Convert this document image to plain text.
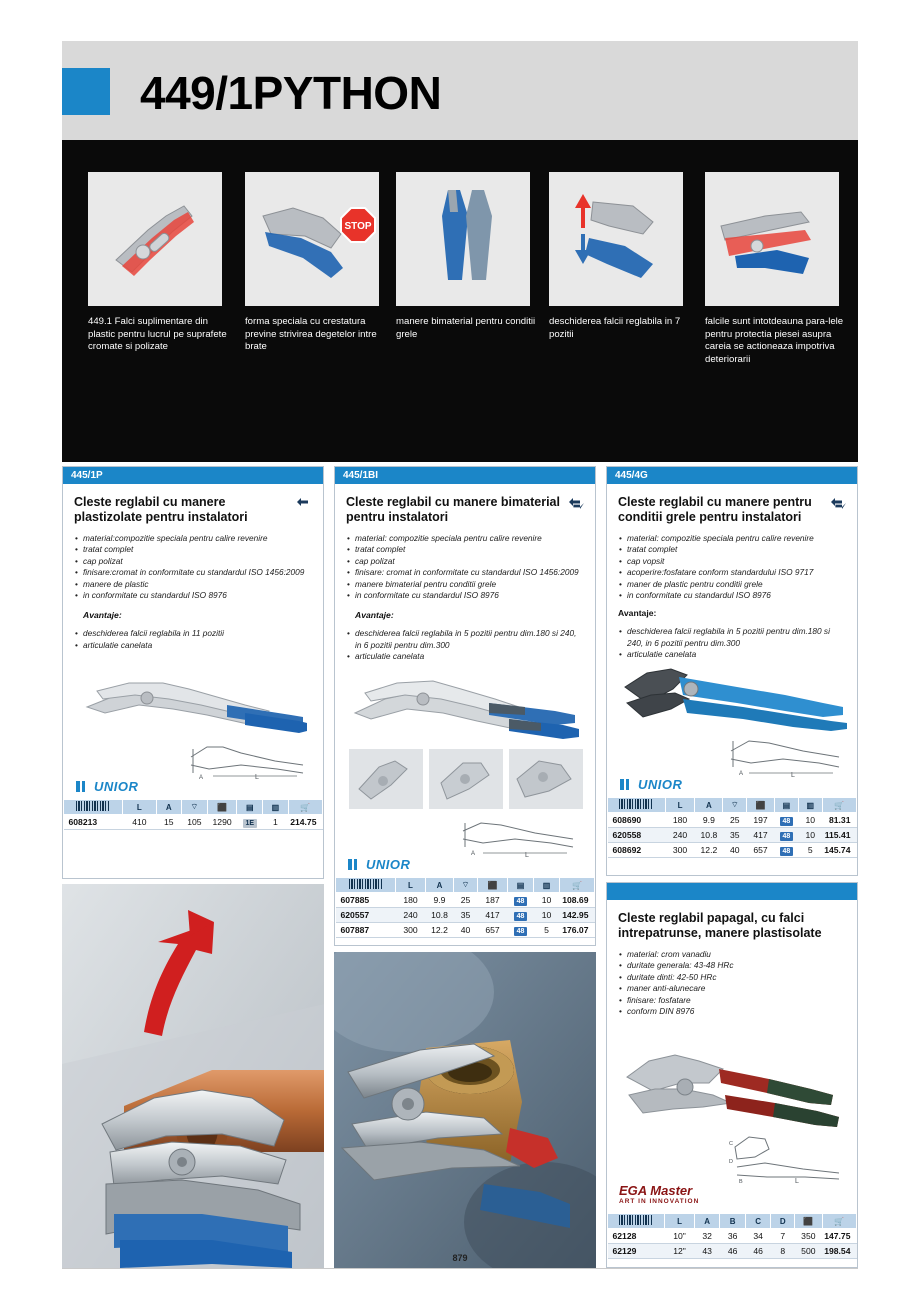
449/1PYTHON
449.1 Falci suplimentare din plastic pentru lucrul pe suprafete cromate si polizate
STOP
forma speciala cu crestatura previne strivirea degetelor intre brate
manere bimaterial pentru conditii grele
deschiderea falcii reglabila in 7 pozitii
falcile sunt intotdeauna para-lele pentru protectia piesei asupra careia se actioneaza impotriva deteriorarii
445/1P
Cleste reglabil cu manere plastizolate pentru instalatori
• material:compozitie speciala pentru calire revenire
• tratat complet
• cap polizat
• finisare:cromat in conformitate cu standardul ISO 1456:2009
• manere de plastic
• in conformitate cu standardul ISO 8976
Avantaje:
• deschiderea falcii reglabila in 11 pozitii
• articulatie canelata
A	L
UNIOR
	L	A	⌔	⬛	▤	▥	🛒
608213	410	15	105	1290	1E	1	214.75
445/1BI
Cleste reglabil cu manere bimaterial pentru instalatori
• material: compozitie speciala pentru calire revenire
• tratat complet
• cap polizat
• finisare: cromat in conformitate cu standardul ISO 1456:2009
• manere bimaterial pentru conditii grele
• in conformitate cu standardul ISO 8976
Avantaje:
• deschiderea falcii reglabila in 5 pozitii pentru dim.180 si 240, in 6 pozitii pentru dim.300
• articulatie canelata
A	L
UNIOR
	L	A	⌔	⬛	▤	▥	🛒
607885	180	9.9	25	187	48	10	108.69
620557	240	10.8	35	417	48	10	142.95
607887	300	12.2	40	657	48	5	176.07
445/4G
Cleste reglabil cu manere pentru conditii grele pentru instalatori
• material: compozitie speciala pentru calire revenire
• tratat complet
• cap vopsit
• acoperire:fosfatare conform standardului ISO 9717
• maner de plastic pentru conditii grele
• in conformitate cu standardul ISO 8976
Avantaje:
• deschiderea falcii reglabila in 5 pozitii pentru dim.180 si 240, in 6 pozitii pentru dim.300
• articulatie canelata
A	L
UNIOR
	L	A	⌔	⬛	▤	▥	🛒
608690	180	9.9	25	197	48	10	81.31
620558	240	10.8	35	417	48	10	115.41
608692	300	12.2	40	657	48	5	145.74
Cleste reglabil papagal, cu falci intrepatrunse, manere plastisolate
• material: crom vanadiu
• duritate generala: 43-48 HRc
• duritate dinti: 42-50 HRc
• maner anti-alunecare
• finisare: fosfatare
• conform DIN 8976
C
D
B	L
EGA Master
ART IN INNOVATION
	L	A	B	C	D	⬛	🛒
62128	10"	32	36	34	7	350	147.75
62129	12"	43	46	46	8	500	198.54
879
